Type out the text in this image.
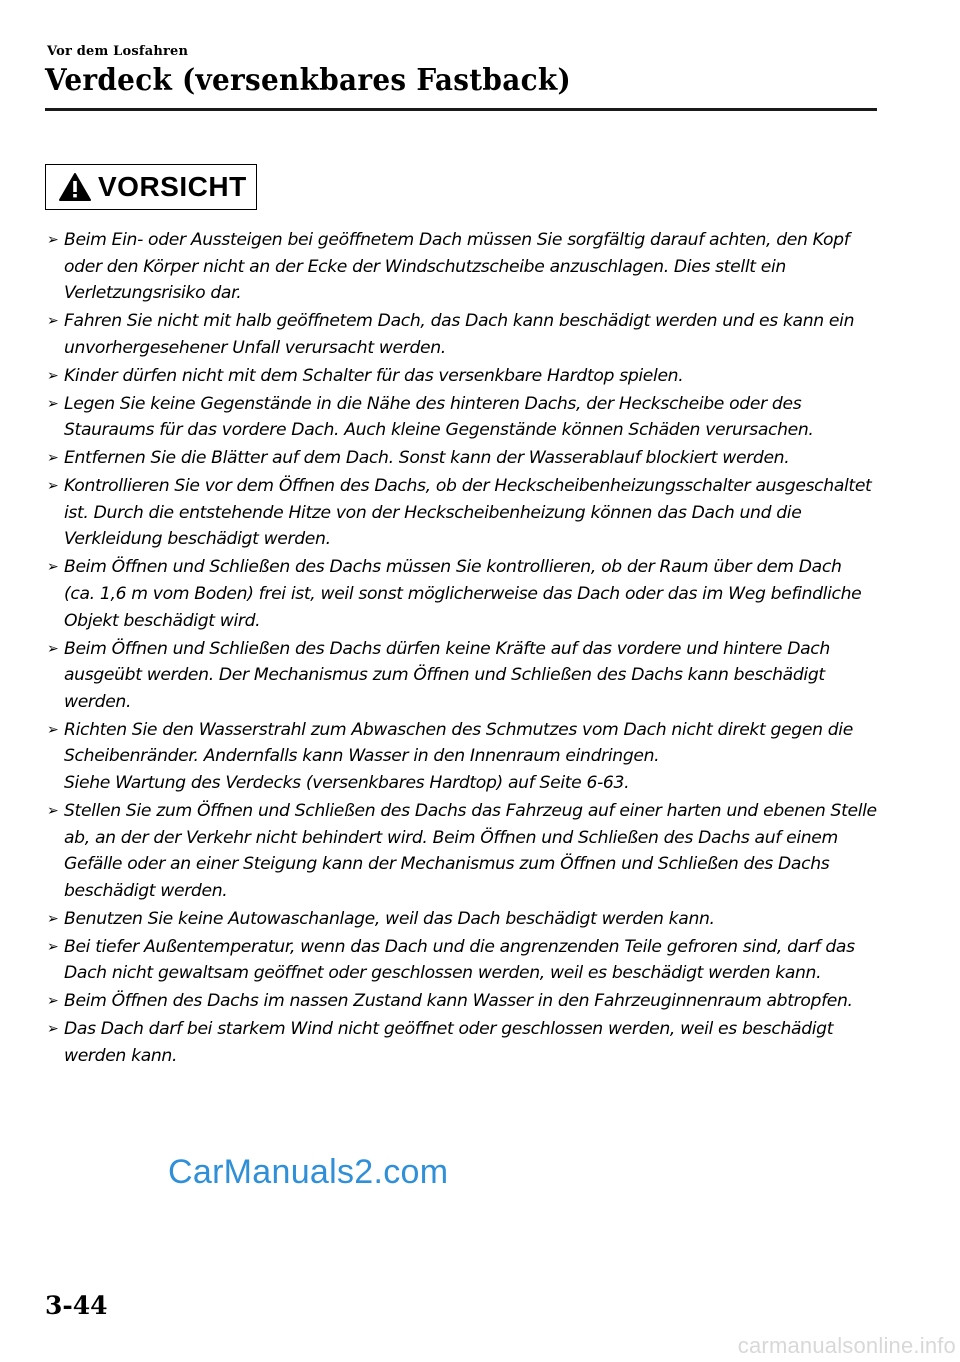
Vor dem Losfahren
Verdeck (versenkbares Fastback)
VORSICHT
➢ Beim Ein- oder Aussteigen bei geöffnetem Dach müssen Sie sorgfältig darauf achten, den Kopf oder den Körper nicht an der Ecke der Windschutzscheibe anzuschlagen. Dies stellt ein Verletzungsrisiko dar.
➢ Fahren Sie nicht mit halb geöffnetem Dach, das Dach kann beschädigt werden und es kann ein unvorhergesehener Unfall verursacht werden.
➢ Kinder dürfen nicht mit dem Schalter für das versenkbare Hardtop spielen.
➢ Legen Sie keine Gegenstände in die Nähe des hinteren Dachs, der Heckscheibe oder des Stauraums für das vordere Dach. Auch kleine Gegenstände können Schäden verursachen.
➢ Entfernen Sie die Blätter auf dem Dach. Sonst kann der Wasserablauf blockiert werden.
➢ Kontrollieren Sie vor dem Öffnen des Dachs, ob der Heckscheibenheizungsschalter ausgeschaltet ist. Durch die entstehende Hitze von der Heckscheibenheizung können das Dach und die Verkleidung beschädigt werden.
➢ Beim Öffnen und Schließen des Dachs müssen Sie kontrollieren, ob der Raum über dem Dach (ca. 1,6 m vom Boden) frei ist, weil sonst möglicherweise das Dach oder das im Weg befindliche Objekt beschädigt wird.
➢ Beim Öffnen und Schließen des Dachs dürfen keine Kräfte auf das vordere und hintere Dach ausgeübt werden. Der Mechanismus zum Öffnen und Schließen des Dachs kann beschädigt werden.
➢ Richten Sie den Wasserstrahl zum Abwaschen des Schmutzes vom Dach nicht direkt gegen die Scheibenränder. Andernfalls kann Wasser in den Innenraum eindringen.
Siehe Wartung des Verdecks (versenkbares Hardtop) auf Seite 6-63.
➢ Stellen Sie zum Öffnen und Schließen des Dachs das Fahrzeug auf einer harten und ebenen Stelle ab, an der der Verkehr nicht behindert wird. Beim Öffnen und Schließen des Dachs auf einem Gefälle oder an einer Steigung kann der Mechanismus zum Öffnen und Schließen des Dachs beschädigt werden.
➢ Benutzen Sie keine Autowaschanlage, weil das Dach beschädigt werden kann.
➢ Bei tiefer Außentemperatur, wenn das Dach und die angrenzenden Teile gefroren sind, darf das Dach nicht gewaltsam geöffnet oder geschlossen werden, weil es beschädigt werden kann.
➢ Beim Öffnen des Dachs im nassen Zustand kann Wasser in den Fahrzeuginnenraum abtropfen.
➢ Das Dach darf bei starkem Wind nicht geöffnet oder geschlossen werden, weil es beschädigt werden kann.
CarManuals2.com
3-44
carmanualsonline.info
